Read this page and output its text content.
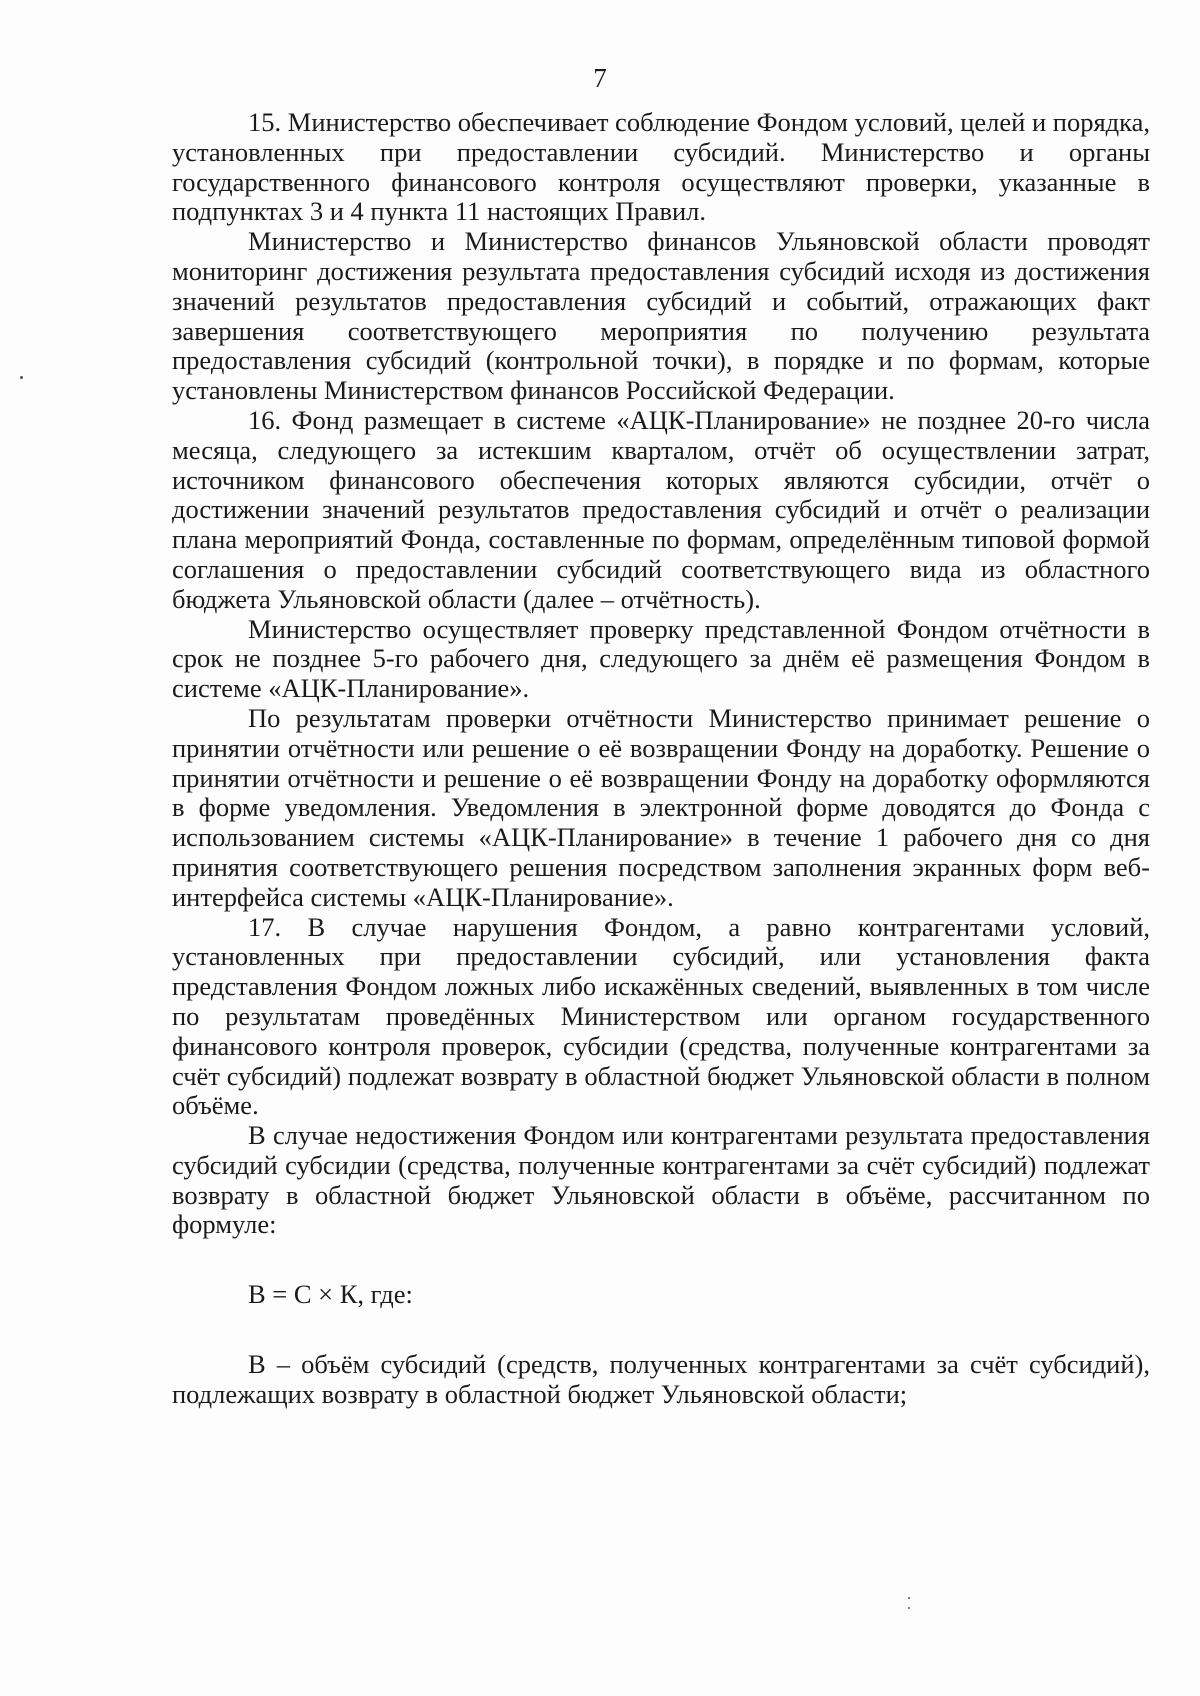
7

15. Министерство обеспечивает соблюдение Фондом условий, целей и порядка, установленных при предоставлении субсидий. Министерство и органы государственного финансового контроля осуществляют проверки, указанные в подпунктах 3 и 4 пункта 11 настоящих Правил.

Министерство и Министерство финансов Ульяновской области проводят мониторинг достижения результата предоставления субсидий исходя из достижения значений результатов предоставления субсидий и событий, отражающих факт завершения соответствующего мероприятия по получению результата предоставления субсидий (контрольной точки), в порядке и по формам, которые установлены Министерством финансов Российской Федерации.

16. Фонд размещает в системе «АЦК-Планирование» не позднее 20-го числа месяца, следующего за истекшим кварталом, отчёт об осуществлении затрат, источником финансового обеспечения которых являются субсидии, отчёт о достижении значений результатов предоставления субсидий и отчёт о реализации плана мероприятий Фонда, составленные по формам, определённым типовой формой соглашения о предоставлении субсидий соответствующего вида из областного бюджета Ульяновской области (далее – отчётность).

Министерство осуществляет проверку представленной Фондом отчётности в срок не позднее 5-го рабочего дня, следующего за днём её размещения Фондом в системе «АЦК-Планирование».

По результатам проверки отчётности Министерство принимает решение о принятии отчётности или решение о её возвращении Фонду на доработку. Решение о принятии отчётности и решение о её возвращении Фонду на доработку оформляются в форме уведомления. Уведомления в электронной форме доводятся до Фонда с использованием системы «АЦК-Планирование» в течение 1 рабочего дня со дня принятия соответствующего решения посредством заполнения экранных форм веб-интерфейса системы «АЦК-Планирование».

17. В случае нарушения Фондом, а равно контрагентами условий, установленных при предоставлении субсидий, или установления факта представления Фондом ложных либо искажённых сведений, выявленных в том числе по результатам проведённых Министерством или органом государственного финансового контроля проверок, субсидии (средства, полученные контрагентами за счёт субсидий) подлежат возврату в областной бюджет Ульяновской области в полном объёме.

В случае недостижения Фондом или контрагентами результата предоставления субсидий субсидии (средства, полученные контрагентами за счёт субсидий) подлежат возврату в областной бюджет Ульяновской области в объёме, рассчитанном по формуле:

В = С × К, где:

В – объём субсидий (средств, полученных контрагентами за счёт субсидий), подлежащих возврату в областной бюджет Ульяновской области;
